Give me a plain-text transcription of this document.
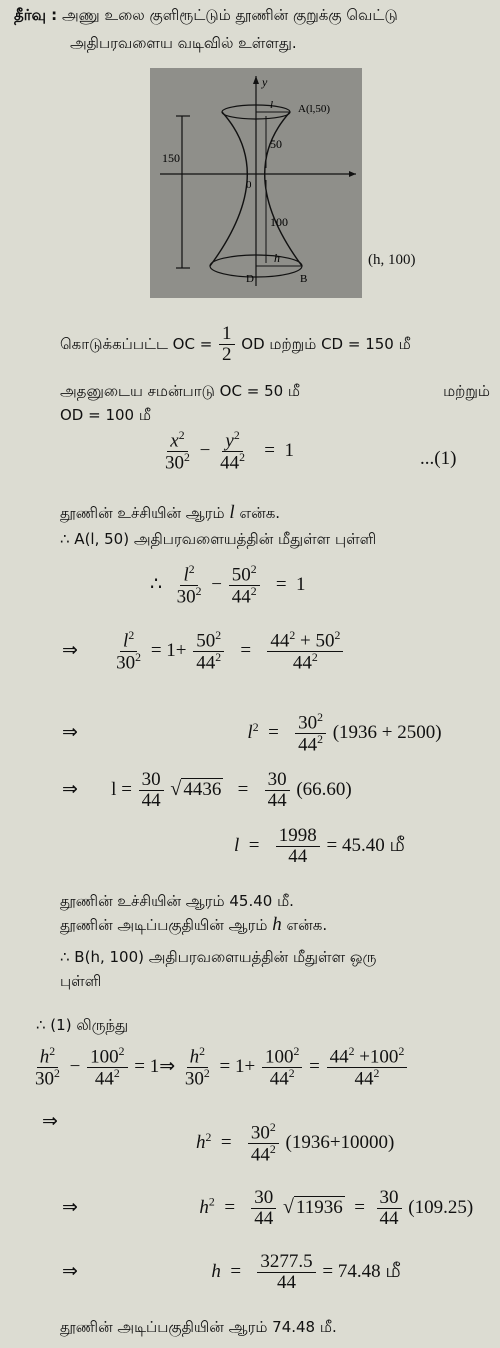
தீர்வு : அணு உலை குளிரூட்டும் தூணின் குறுக்கு வெட்டு
அதிபரவளைய வடிவில் உள்ளது.
y
A(l,50)
l
50
0
100
150
h
D	B
(h, 100)
கொடுக்கப்பட்ட OC = $\frac{1}{2}$ OD மற்றும் CD = 150 மீ
அதனுடைய சமன்பாடு OC = 50 மீ	மற்றும்
OD = 100 மீ
$\frac{x^2}{30^2} - \frac{y^2}{44^2} = 1$	...(1)
தூணின் உச்சியின் ஆரம் l என்க.
∴ A(l, 50) அதிபரவளையத்தின் மீதுள்ள புள்ளி
∴ $\frac{l^2}{30^2} - \frac{50^2}{44^2} = 1$
⇒ $\frac{l^2}{30^2} = 1+ \frac{50^2}{44^2} = \frac{44^2 + 50^2}{44^2}$
⇒	$l^2 = \frac{30^2}{44^2} (1936 + 2500)$
⇒       $l = \frac{30}{44}$ √ $4436 = \frac{30}{44} (66.60)$
$l = \frac{1998}{44} = 45.40$ மீ
தூணின் உச்சியின் ஆரம் 45.40 மீ.
தூணின் அடிப்பகுதியின் ஆரம் h என்க.
∴ B(h, 100) அதிபரவளையத்தின் மீதுள்ள ஒரு
புள்ளி
∴ (1) லிருந்து
$\frac{h^2}{30^2} - \frac{100^2}{44^2}$ = 1⇒ $\frac{h^2}{30^2} = 1+ \frac{100^2}{44^2} = \frac{44^2 +100^2}{44^2}$
⇒
$h^2 = \frac{30^2}{44^2} (1936+10000)$
⇒	$h^2 = \frac{30}{44}$ √ $11936 = \frac{30}{44} (109.25)$
⇒	$h = \frac{3277.5}{44} = 74.48$ மீ
தூணின் அடிப்பகுதியின் ஆரம் 74.48 மீ.
